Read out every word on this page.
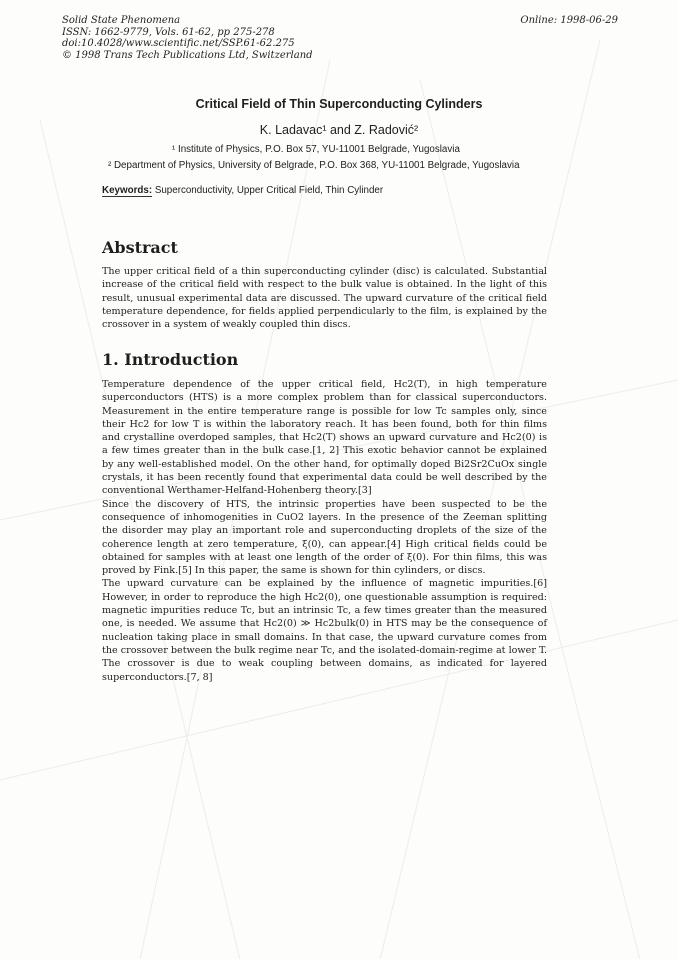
Solid State Phenomena
ISSN: 1662-9779, Vols. 61-62, pp 275-278
doi:10.4028/www.scientific.net/SSP.61-62.275
© 1998 Trans Tech Publications Ltd, Switzerland
Online: 1998-06-29
Critical Field of Thin Superconducting Cylinders
K. Ladavac¹ and Z. Radović²
¹ Institute of Physics, P.O. Box 57, YU-11001 Belgrade, Yugoslavia
² Department of Physics, University of Belgrade, P.O. Box 368, YU-11001 Belgrade, Yugoslavia
Keywords: Superconductivity, Upper Critical Field, Thin Cylinder
Abstract

The upper critical field of a thin superconducting cylinder (disc) is calculated. Substantial increase of the critical field with respect to the bulk value is obtained. In the light of this result, unusual experimental data are discussed. The upward curvature of the critical field temperature dependence, for fields applied perpendicularly to the film, is explained by the crossover in a system of weakly coupled thin discs.

1. Introduction

Temperature dependence of the upper critical field, Hc2(T), in high temperature superconductors (HTS) is a more complex problem than for classical superconductors. Measurement in the entire temperature range is possible for low Tc samples only, since their Hc2 for low T is within the laboratory reach. It has been found, both for thin films and crystalline overdoped samples, that Hc2(T) shows an upward curvature and Hc2(0) is a few times greater than in the bulk case.[1, 2] This exotic behavior cannot be explained by any well-established model. On the other hand, for optimally doped Bi2Sr2CuOx single crystals, it has been recently found that experimental data could be well described by the conventional Werthamer-Helfand-Hohenberg theory.[3]

Since the discovery of HTS, the intrinsic properties have been suspected to be the consequence of inhomogenities in CuO2 layers. In the presence of the Zeeman splitting the disorder may play an important role and superconducting droplets of the size of the coherence length at zero temperature, ξ(0), can appear.[4] High critical fields could be obtained for samples with at least one length of the order of ξ(0). For thin films, this was proved by Fink.[5] In this paper, the same is shown for thin cylinders, or discs.

The upward curvature can be explained by the influence of magnetic impurities.[6] However, in order to reproduce the high Hc2(0), one questionable assumption is required: magnetic impurities reduce Tc, but an intrinsic Tc, a few times greater than the measured one, is needed. We assume that Hc2(0) ≫ Hc2bulk(0) in HTS may be the consequence of nucleation taking place in small domains. In that case, the upward curvature comes from the crossover between the bulk regime near Tc, and the isolated-domain-regime at lower T. The crossover is due to weak coupling between domains, as indicated for layered superconductors.[7, 8]
